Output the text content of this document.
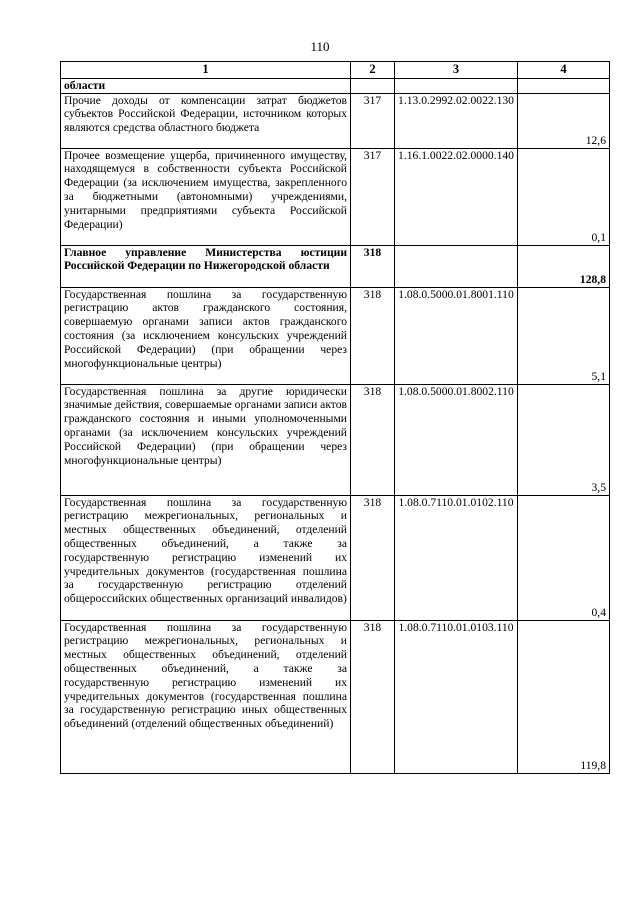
110
1	2	3	4
области			
Прочие доходы от компенсации затрат бюджетов субъектов Российской Федерации, источником которых являются средства областного бюджета	317	1.13.0.2992.02.0022.130	12,6
Прочее возмещение ущерба, причиненного имуществу, находящемуся в собственности субъекта Российской Федерации (за исключением имущества, закрепленного за бюджетными (автономными) учреждениями, унитарными предприятиями субъекта Российской Федерации)	317	1.16.1.0022.02.0000.140	0,1
Главное управление Министерства юстиции Российской Федерации по Нижегородской области	318		128,8
Государственная пошлина за государственную регистрацию актов гражданского состояния, совершаемую органами записи актов гражданского состояния (за исключением консульских учреждений Российской Федерации) (при обращении через многофункциональные центры)	318	1.08.0.5000.01.8001.110	5,1
Государственная пошлина за другие юридически значимые действия, совершаемые органами записи актов гражданского состояния и иными уполномоченными органами (за исключением консульских учреждений Российской Федерации) (при обращении через многофункциональные центры)	318	1.08.0.5000.01.8002.110	3,5
Государственная пошлина за государственную регистрацию межрегиональных, региональных и местных общественных объединений, отделений общественных объединений, а также за государственную регистрацию изменений их учредительных документов (государственная пошлина за государственную регистрацию отделений общероссийских общественных организаций инвалидов)	318	1.08.0.7110.01.0102.110	0,4
Государственная пошлина за государственную регистрацию межрегиональных, региональных и местных общественных объединений, отделений общественных объединений, а также за государственную регистрацию изменений их учредительных документов (государственная пошлина за государственную регистрацию иных общественных объединений (отделений общественных объединений)	318	1.08.0.7110.01.0103.110	119,8
